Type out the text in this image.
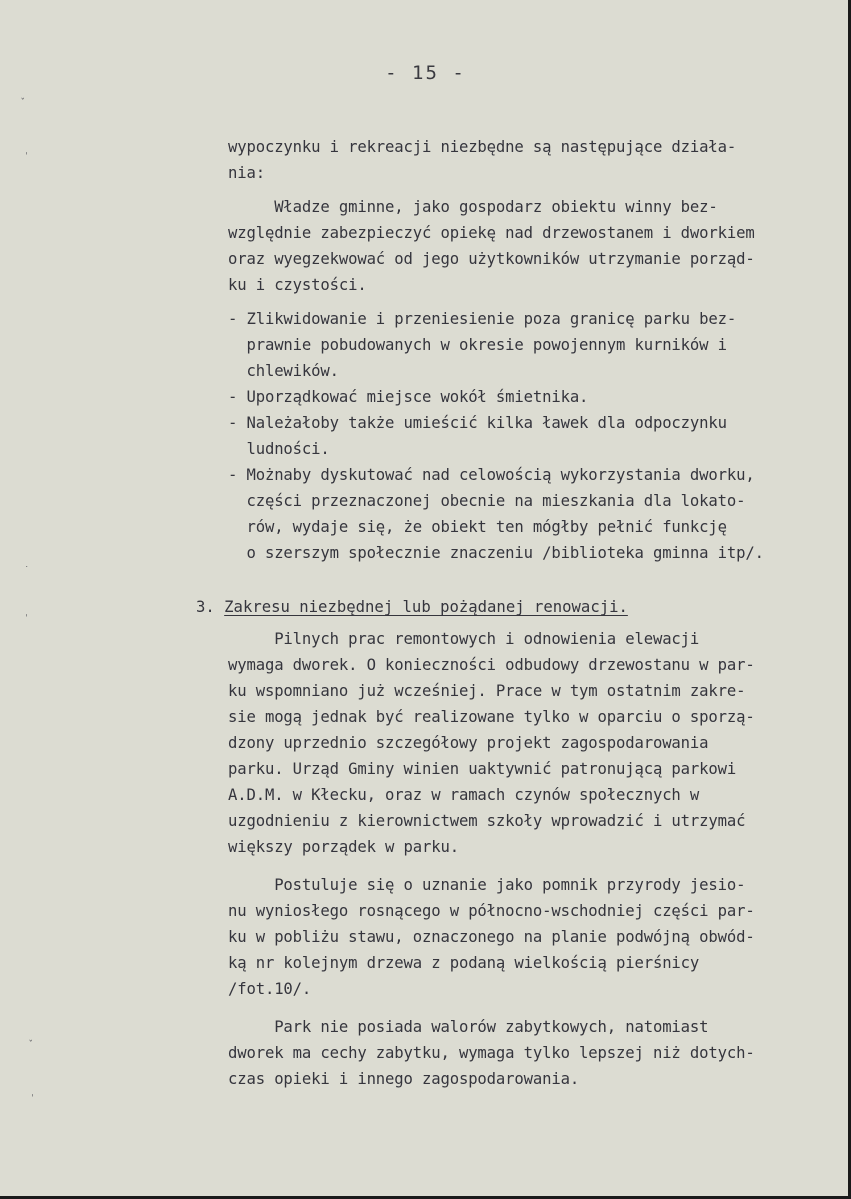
- 15 -
ˇ
ˌ
˙
ˈ
ˇ
ˌ
wypoczynku i rekreacji niezbędne są następujące działa-
nia:
Władze gminne, jako gospodarz obiektu winny bez-
względnie zabezpieczyć opiekę nad drzewostanem i dworkiem
oraz wyegzekwować od jego użytkowników utrzymanie porząd-
ku i czystości.
- Zlikwidowanie i przeniesienie poza granicę parku bez-
prawnie pobudowanych w okresie powojennym kurników i
chlewików.
- Uporządkować miejsce wokół śmietnika.
- Należałoby także umieścić kilka ławek dla odpoczynku
ludności.
- Możnaby dyskutować nad celowością wykorzystania dworku,
części przeznaczonej obecnie na mieszkania dla lokato-
rów, wydaje się, że obiekt ten mógłby pełnić funkcję
o szerszym społecznie znaczeniu /biblioteka gminna itp/.
3. Zakresu niezbędnej lub pożądanej renowacji.
Pilnych prac remontowych i odnowienia elewacji
wymaga dworek. O konieczności odbudowy drzewostanu w par-
ku wspomniano już wcześniej. Prace w tym ostatnim zakre-
sie mogą jednak być realizowane tylko w oparciu o sporzą-
dzony uprzednio szczegółowy projekt zagospodarowania
parku. Urząd Gminy winien uaktywnić patronującą parkowi
A.D.M. w Kłecku, oraz w ramach czynów społecznych w
uzgodnieniu z kierownictwem szkoły wprowadzić i utrzymać
większy porządek w parku.
Postuluje się o uznanie jako pomnik przyrody jesio-
nu wyniosłego rosnącego w północno-wschodniej części par-
ku w pobliżu stawu, oznaczonego na planie podwójną obwód-
ką nr kolejnym drzewa z podaną wielkością pierśnicy
/fot.10/.
Park nie posiada walorów zabytkowych, natomiast
dworek ma cechy zabytku, wymaga tylko lepszej niż dotych-
czas opieki i innego zagospodarowania.
